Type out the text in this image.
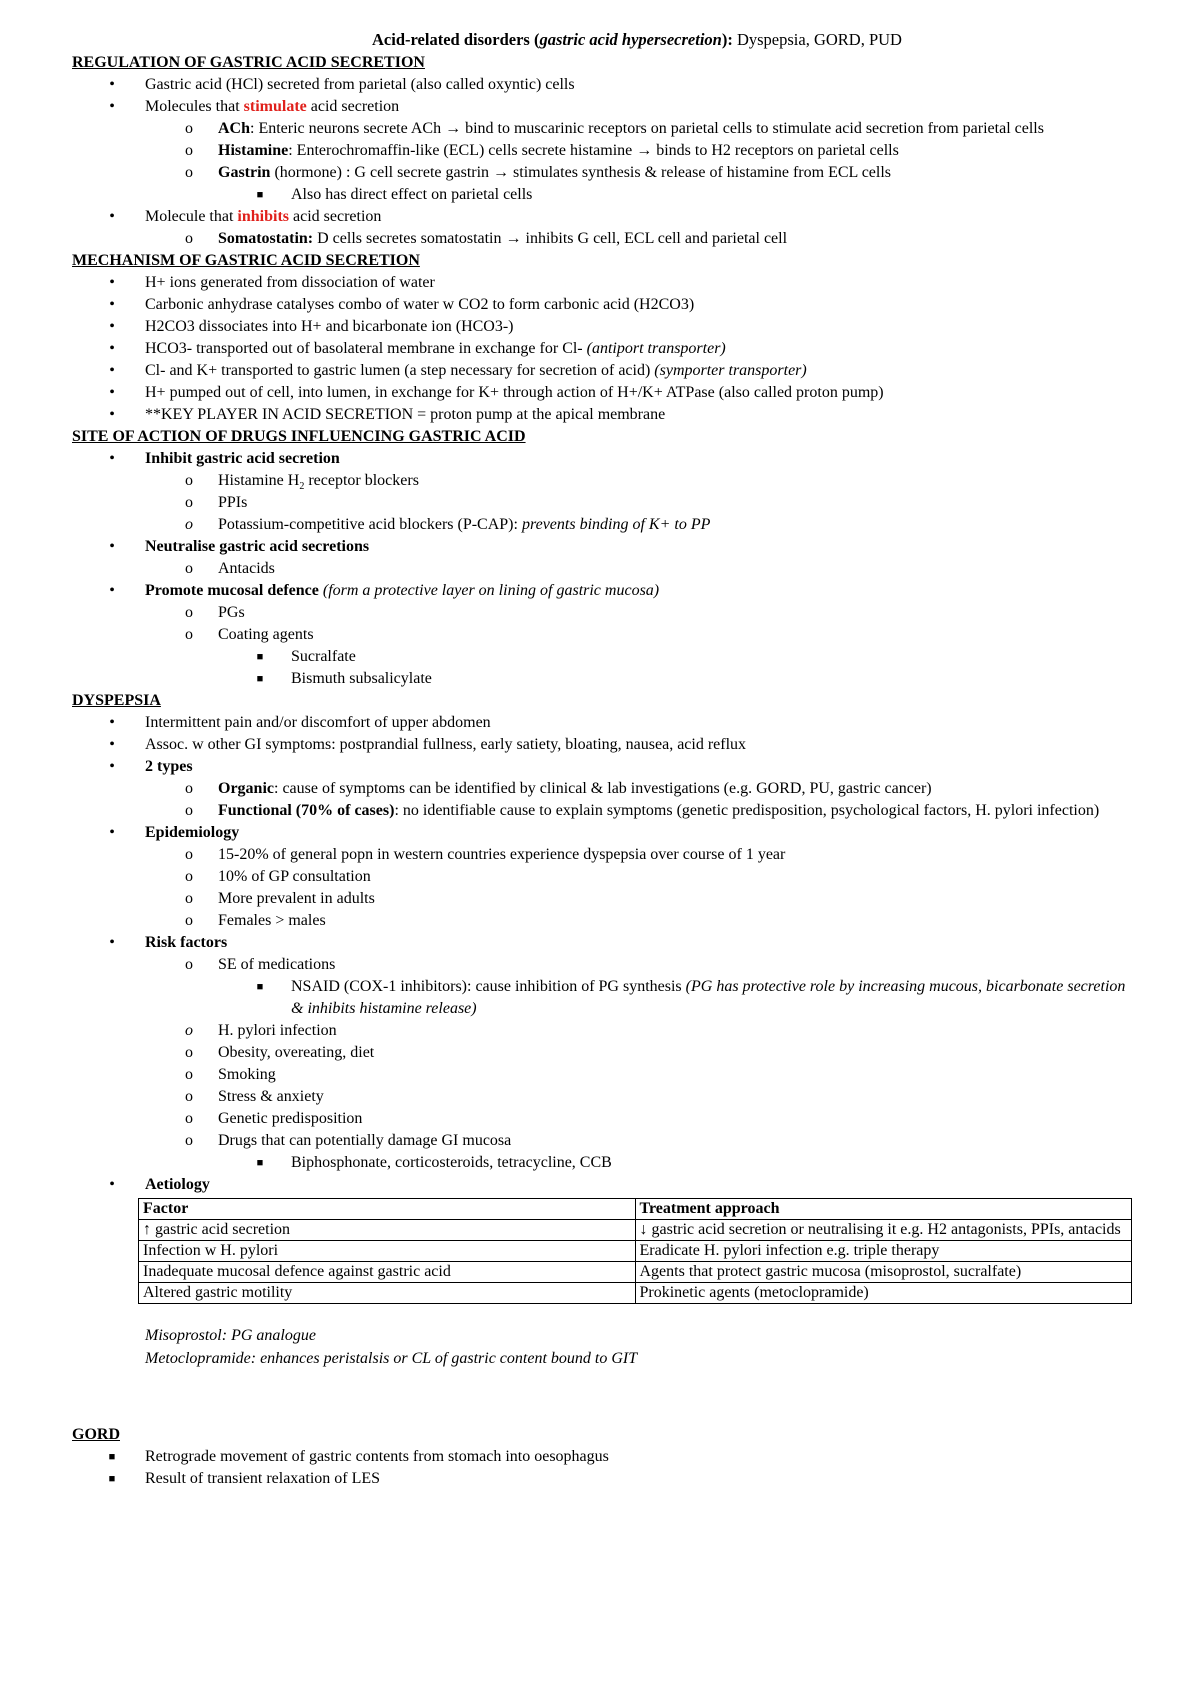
Acid-related disorders (gastric acid hypersecretion): Dyspepsia, GORD, PUD
REGULATION OF GASTRIC ACID SECRETION
• Gastric acid (HCl) secreted from parietal (also called oxyntic) cells
• Molecules that stimulate acid secretion
o ACh: Enteric neurons secrete ACh → bind to muscarinic receptors on parietal cells to stimulate acid secretion from parietal cells
o Histamine: Enterochromaffin-like (ECL) cells secrete histamine → binds to H2 receptors on parietal cells
o Gastrin (hormone) : G cell secrete gastrin → stimulates synthesis & release of histamine from ECL cells
■ Also has direct effect on parietal cells
• Molecule that inhibits acid secretion
o Somatostatin: D cells secretes somatostatin → inhibits G cell, ECL cell and parietal cell
MECHANISM OF GASTRIC ACID SECRETION
• H+ ions generated from dissociation of water
• Carbonic anhydrase catalyses combo of water w CO2 to form carbonic acid (H2CO3)
• H2CO3 dissociates into H+ and bicarbonate ion (HCO3-)
• HCO3- transported out of basolateral membrane in exchange for Cl- (antiport transporter)
• Cl- and K+ transported to gastric lumen (a step necessary for secretion of acid) (symporter transporter)
• H+ pumped out of cell, into lumen, in exchange for K+ through action of H+/K+ ATPase (also called proton pump)
• **KEY PLAYER IN ACID SECRETION = proton pump at the apical membrane
SITE OF ACTION OF DRUGS INFLUENCING GASTRIC ACID
• Inhibit gastric acid secretion
o Histamine $H_2$ receptor blockers
o PPIs
o Potassium-competitive acid blockers (P-CAP): prevents binding of K+ to PP
• Neutralise gastric acid secretions
o Antacids
• Promote mucosal defence (form a protective layer on lining of gastric mucosa)
o PGs
o Coating agents
■ Sucralfate
■ Bismuth subsalicylate
DYSPEPSIA
• Intermittent pain and/or discomfort of upper abdomen
• Assoc. w other GI symptoms: postprandial fullness, early satiety, bloating, nausea, acid reflux
• 2 types
o Organic: cause of symptoms can be identified by clinical & lab investigations (e.g. GORD, PU, gastric cancer)
o Functional (70% of cases): no identifiable cause to explain symptoms (genetic predisposition, psychological factors, H. pylori infection)
• Epidemiology
o 15-20% of general popn in western countries experience dyspepsia over course of 1 year
o 10% of GP consultation
o More prevalent in adults
o Females > males
• Risk factors
o SE of medications
■ NSAID (COX-1 inhibitors): cause inhibition of PG synthesis (PG has protective role by increasing mucous, bicarbonate secretion & inhibits histamine release)
o H. pylori infection
o Obesity, overeating, diet
o Smoking
o Stress & anxiety
o Genetic predisposition
o Drugs that can potentially damage GI mucosa
■ Biphosphonate, corticosteroids, tetracycline, CCB
• Aetiology
Factor	Treatment approach
↑ gastric acid secretion	↓ gastric acid secretion or neutralising it e.g. H2 antagonists, PPIs, antacids
Infection w H. pylori	Eradicate H. pylori infection e.g. triple therapy
Inadequate mucosal defence against gastric acid	Agents that protect gastric mucosa (misoprostol, sucralfate)
Altered gastric motility	Prokinetic agents (metoclopramide)
Misoprostol: PG analogue
Metoclopramide: enhances peristalsis or CL of gastric content bound to GIT
GORD
■ Retrograde movement of gastric contents from stomach into oesophagus
■ Result of transient relaxation of LES
